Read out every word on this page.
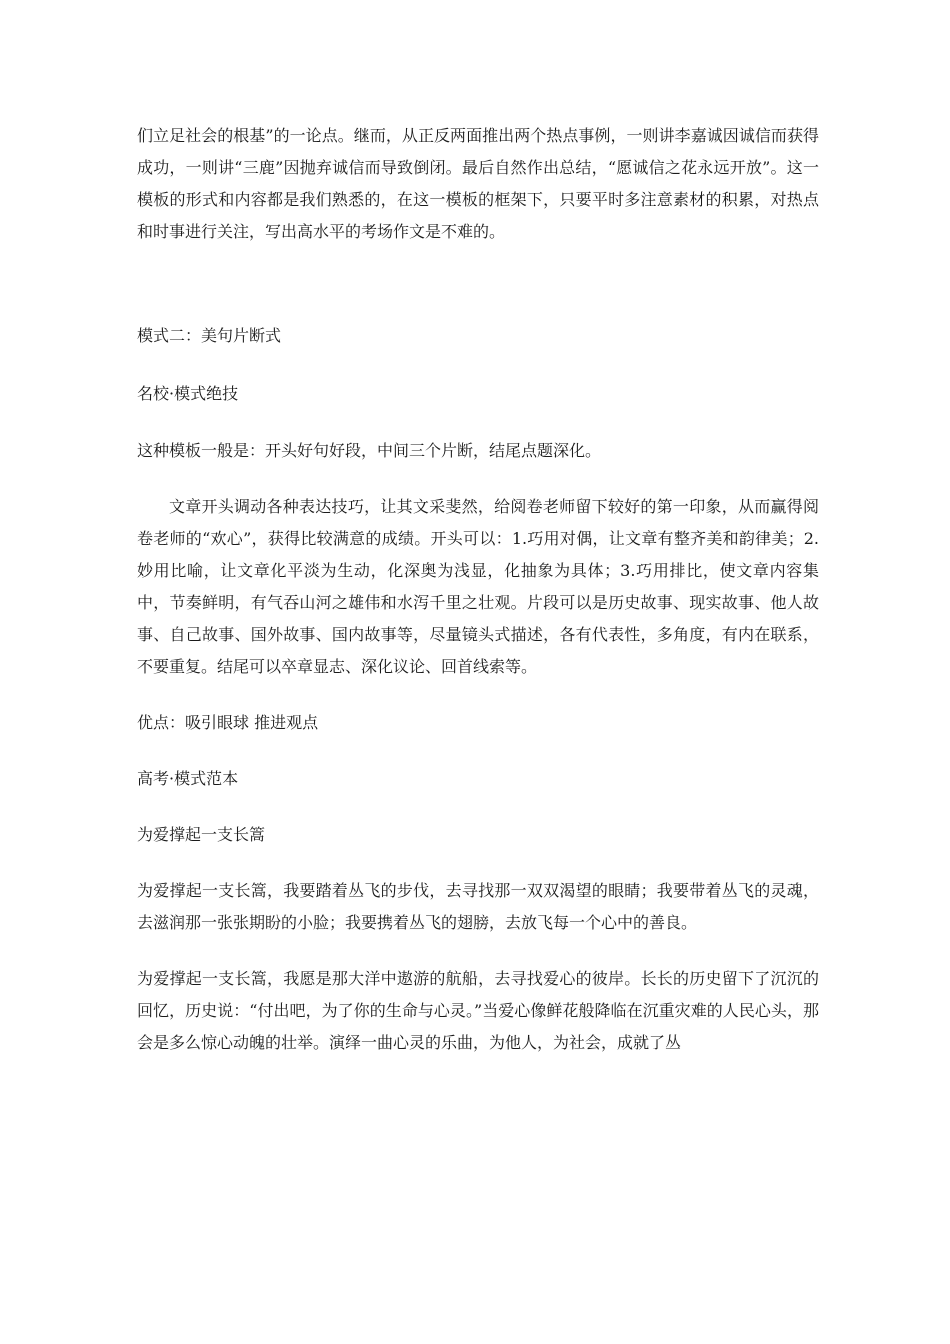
们立足社会的根基”的一论点。继而，从正反两面推出两个热点事例，一则讲李嘉诚因诚信而获得成功，一则讲“三鹿”因抛弃诚信而导致倒闭。最后自然作出总结，“愿诚信之花永远开放”。这一模板的形式和内容都是我们熟悉的，在这一模板的框架下，只要平时多注意素材的积累，对热点和时事进行关注，写出高水平的考场作文是不难的。

模式二：美句片断式

名校·模式绝技

这种模板一般是：开头好句好段，中间三个片断，结尾点题深化。

文章开头调动各种表达技巧，让其文采斐然，给阅卷老师留下较好的第一印象，从而赢得阅卷老师的“欢心”，获得比较满意的成绩。开头可以：1.巧用对偶，让文章有整齐美和韵律美；2.妙用比喻，让文章化平淡为生动，化深奥为浅显，化抽象为具体；3.巧用排比，使文章内容集中，节奏鲜明，有气吞山河之雄伟和水泻千里之壮观。片段可以是历史故事、现实故事、他人故事、自己故事、国外故事、国内故事等，尽量镜头式描述，各有代表性，多角度，有内在联系，不要重复。结尾可以卒章显志、深化议论、回首线索等。

优点：吸引眼球 推进观点

高考·模式范本

为爱撑起一支长篙

为爱撑起一支长篙，我要踏着丛飞的步伐，去寻找那一双双渴望的眼睛；我要带着丛飞的灵魂，去滋润那一张张期盼的小脸；我要携着丛飞的翅膀，去放飞每一个心中的善良。

为爱撑起一支长篙，我愿是那大洋中遨游的航船，去寻找爱心的彼岸。长长的历史留下了沉沉的回忆，历史说：“付出吧，为了你的生命与心灵。”当爱心像鲜花般降临在沉重灾难的人民心头，那会是多么惊心动魄的壮举。演绎一曲心灵的乐曲，为他人，为社会，成就了丛
